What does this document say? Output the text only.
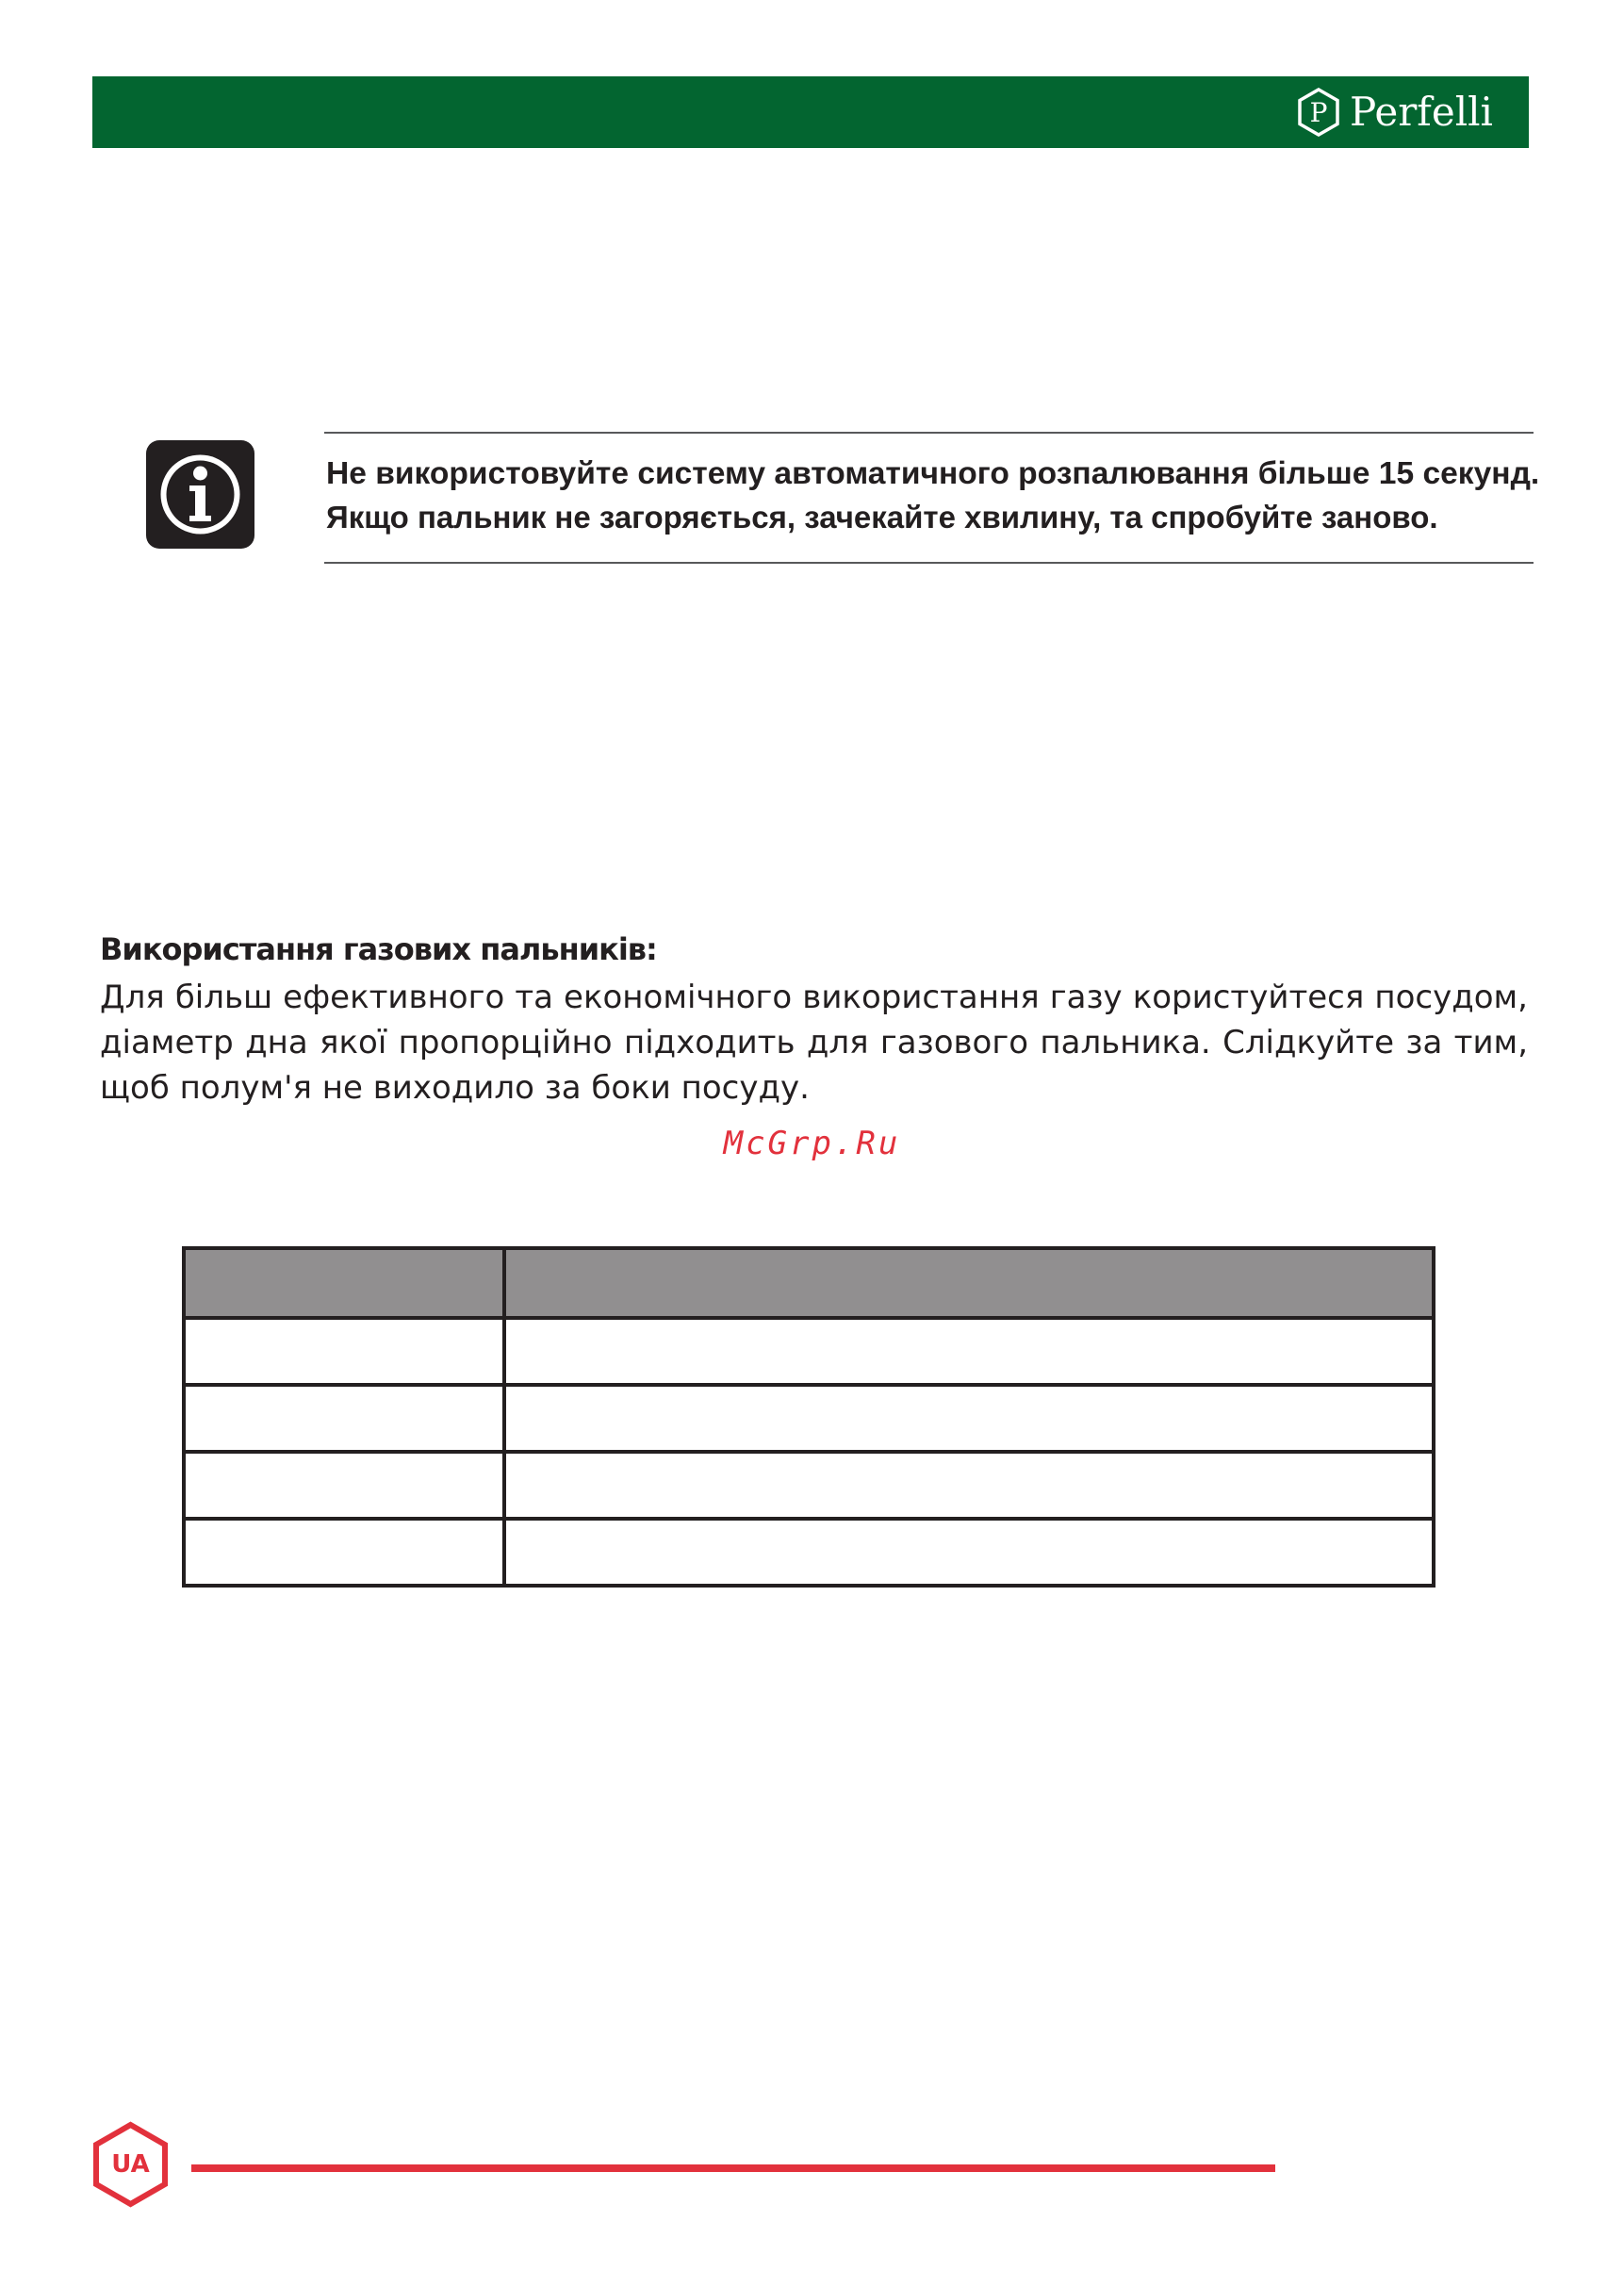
P Perfelli

Не використовуйте систему автоматичного розпалювання більше 15 секунд.

Якщо пальник не загоряється, зачекайте хвилину, та спробуйте заново.

Використання газових пальників:

Для більш ефективного та економічного використання газу користуйтеся посудом, діаметр дна якої пропорційно підходить для газового пальника. Слідкуйте за тим, щоб полум'я не виходило за боки посуду.

McGrp.Ru

UA
